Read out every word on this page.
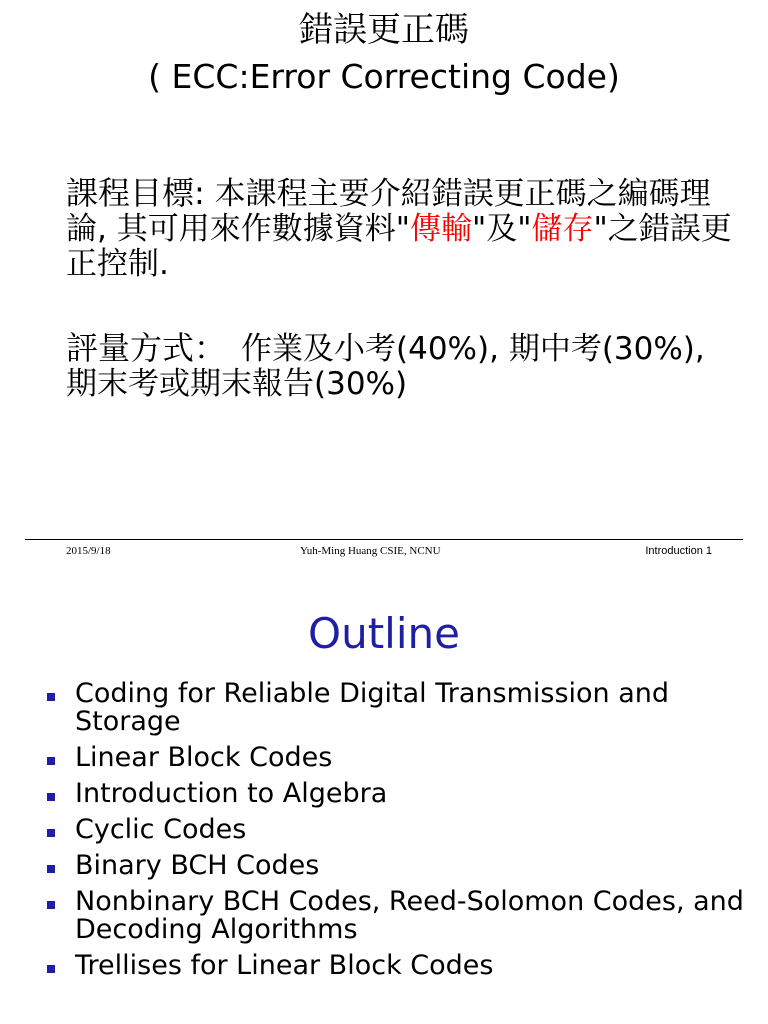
錯誤更正碼
( ECC:Error Correcting Code)
課程目標: 本課程主要介紹錯誤更正碼之編碼理論, 其可用來作數據資料"傳輸"及"儲存"之錯誤更正控制.
評量方式：　作業及小考(40%), 期中考(30%), 期末考或期末報告(30%)
2015/9/18	Yuh-Ming Huang CSIE, NCNU	Introduction 1
Outline
Coding for Reliable Digital Transmission and Storage
Linear Block Codes
Introduction to Algebra
Cyclic Codes
Binary BCH Codes
Nonbinary BCH Codes, Reed-Solomon Codes, and Decoding Algorithms
Trellises for Linear Block Codes
